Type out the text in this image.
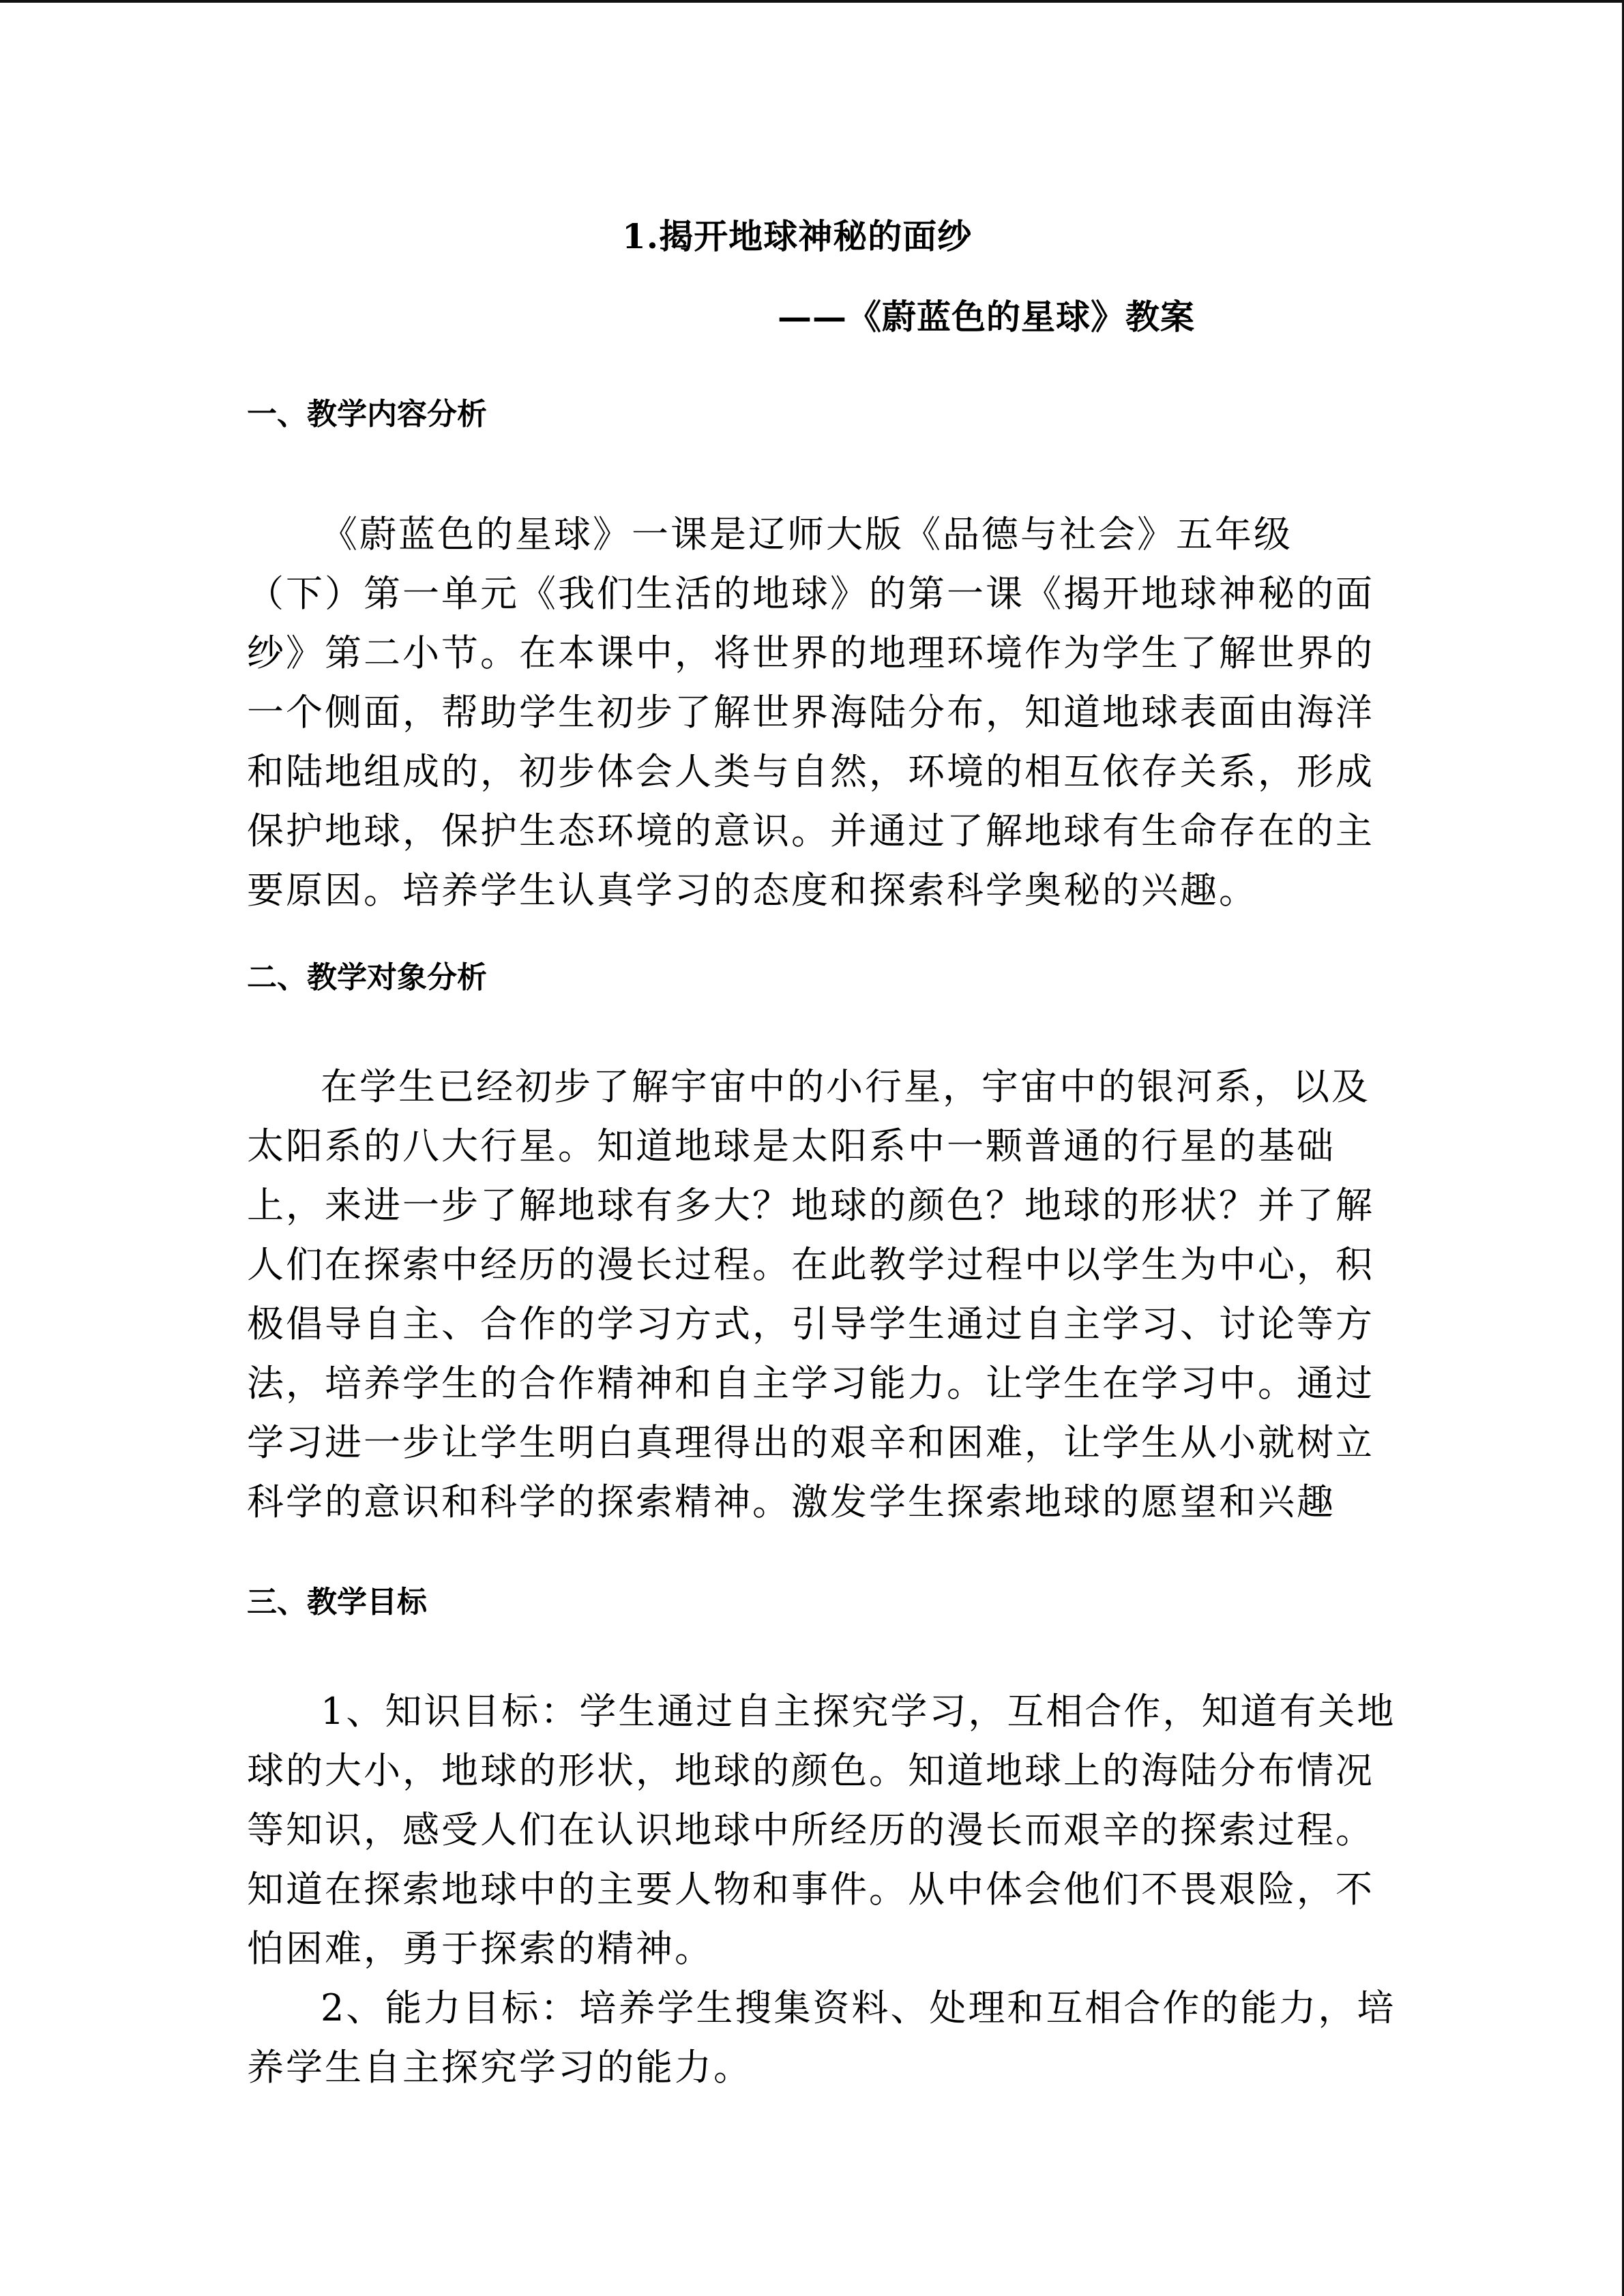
1.揭开地球神秘的面纱
——《蔚蓝色的星球》教案
一、教学内容分析
《蔚蓝色的星球》一课是辽师大版《品德与社会》五年级
（下）第一单元《我们生活的地球》的第一课《揭开地球神秘的面
纱》第二小节。在本课中，将世界的地理环境作为学生了解世界的
一个侧面，帮助学生初步了解世界海陆分布，知道地球表面由海洋
和陆地组成的，初步体会人类与自然，环境的相互依存关系，形成
保护地球，保护生态环境的意识。并通过了解地球有生命存在的主
要原因。培养学生认真学习的态度和探索科学奥秘的兴趣。
二、教学对象分析
在学生已经初步了解宇宙中的小行星，宇宙中的银河系，以及
太阳系的八大行星。知道地球是太阳系中一颗普通的行星的基础
上，来进一步了解地球有多大？地球的颜色？地球的形状？并了解
人们在探索中经历的漫长过程。在此教学过程中以学生为中心，积
极倡导自主、合作的学习方式，引导学生通过自主学习、讨论等方
法，培养学生的合作精神和自主学习能力。让学生在学习中。通过
学习进一步让学生明白真理得出的艰辛和困难，让学生从小就树立
科学的意识和科学的探索精神。激发学生探索地球的愿望和兴趣
三、教学目标
1、知识目标：学生通过自主探究学习，互相合作，知道有关地
球的大小，地球的形状，地球的颜色。知道地球上的海陆分布情况
等知识，感受人们在认识地球中所经历的漫长而艰辛的探索过程。
知道在探索地球中的主要人物和事件。从中体会他们不畏艰险，不
怕困难，勇于探索的精神。
2、能力目标：培养学生搜集资料、处理和互相合作的能力，培
养学生自主探究学习的能力。
